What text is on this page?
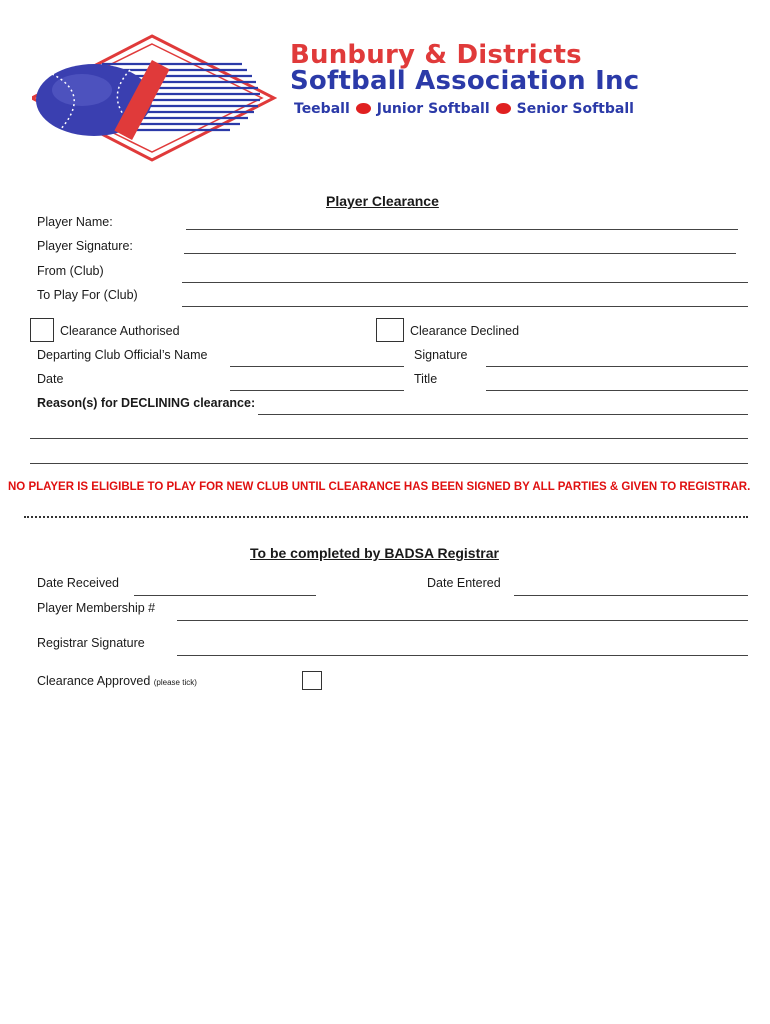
Bunbury & Districts
Softball Association Inc
Teeball Junior Softball Senior Softball
Player Clearance
Player Name:
Player Signature:
From (Club)
To Play For (Club)
Clearance Authorised	Clearance Declined
Departing Club Official’s Name	Signature
Date	Title
Reason(s) for DECLINING clearance:
NO PLAYER IS ELIGIBLE TO PLAY FOR NEW CLUB UNTIL CLEARANCE HAS BEEN SIGNED BY ALL PARTIES & GIVEN TO REGISTRAR.
To be completed by BADSA Registrar
Date Received	Date Entered
Player Membership #
Registrar Signature
Clearance Approved (please tick)
